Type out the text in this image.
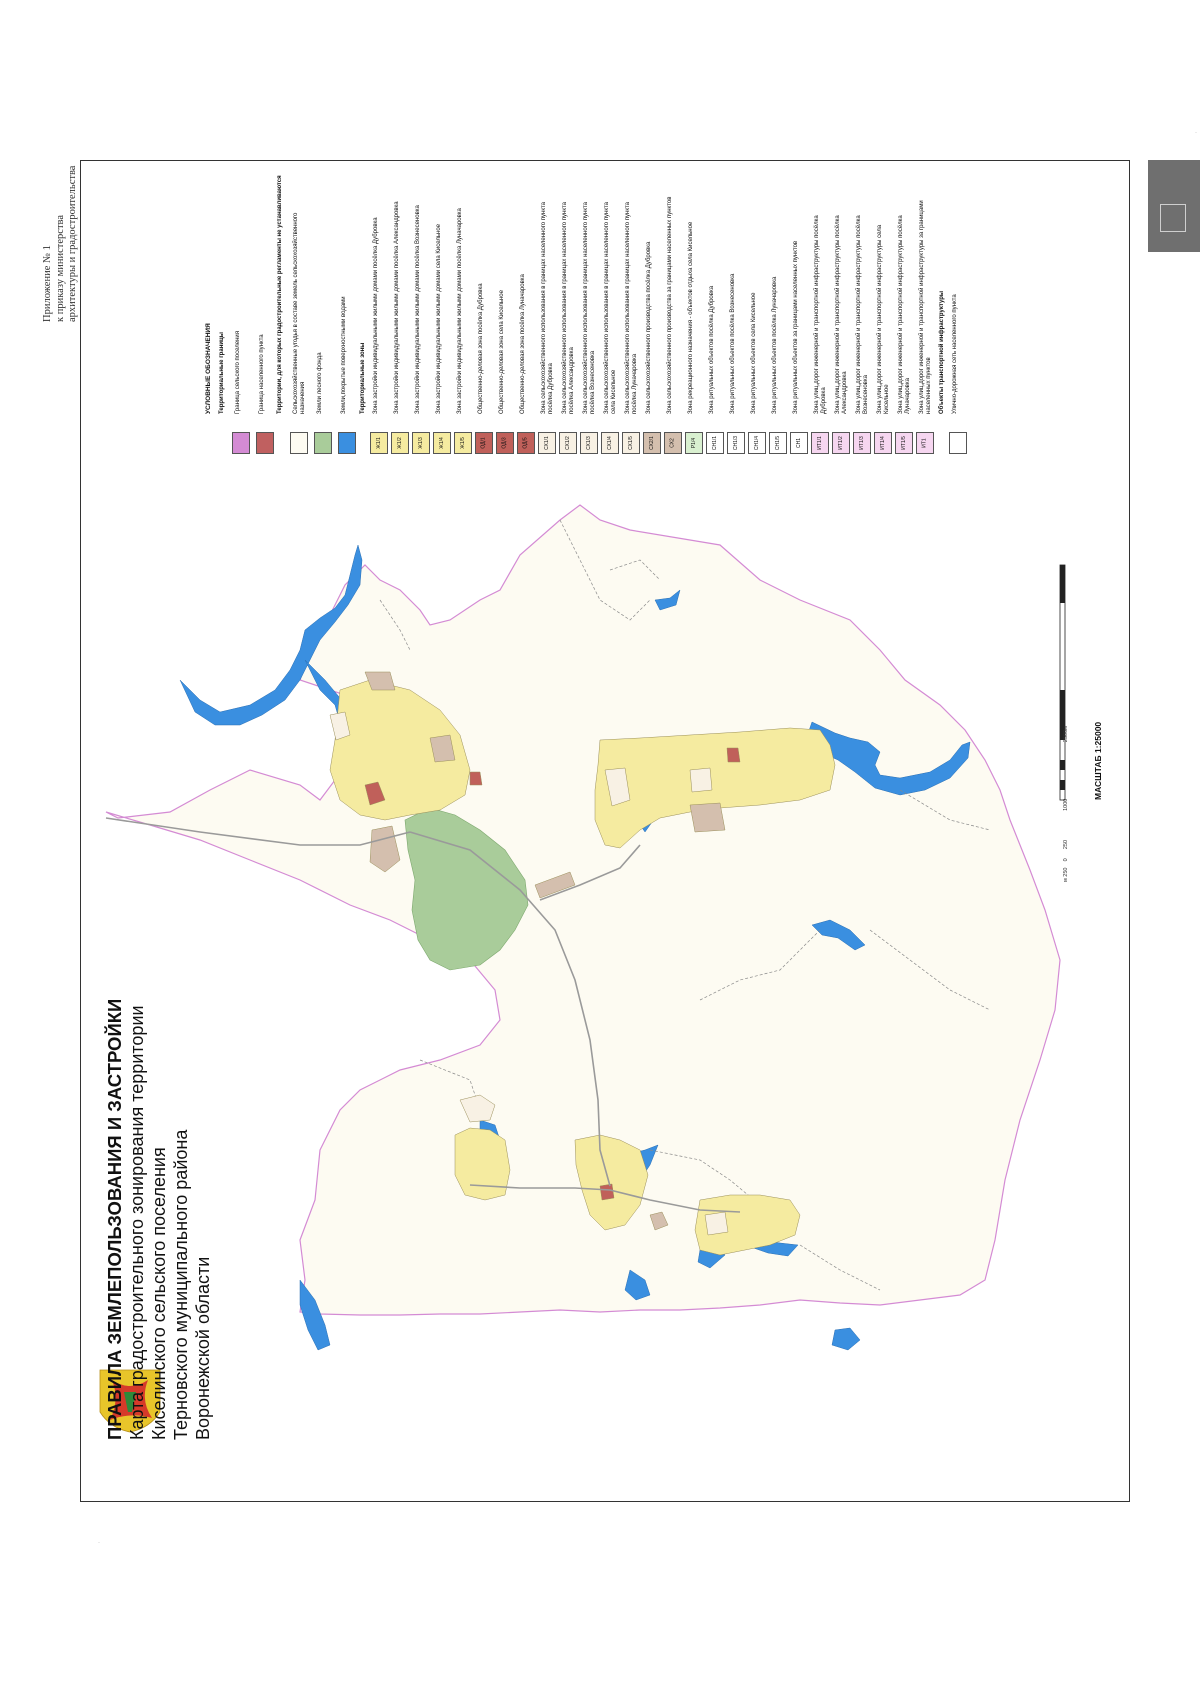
Приложение № 1 к приказу министерства архитектуры и градостроительства
·
·
ПРАВИЛА ЗЕМЛЕПОЛЬЗОВАНИЯ И ЗАСТРОЙКИ Карта градостроительного зонирования территории Киселинского сельского поселения Терновского муниципального района Воронежской области
МАСШТАБ 1:25000
м 250    0      250                   1000                                     2500м
УСЛОВНЫЕ ОБОЗНАЧЕНИЯ Территориальные границы Граница сельского поселения	Граница населенного пункта Территории, для которых градостроительные регламенты не устанавливаются Сельскохозяйственные угодья в составе земель сельскохозяйственного назначения Земли лесного фонда	Земли,покрытые поверхностными водами Территориальные зоны
Ж1/1
Зона застройки индивидуальными жилыми домами посёлка Дубровка
Ж1/2
Зона застройки индивидуальными жилыми домами посёлка Александровка
Ж1/3
Зона застройки индивидуальными жилыми домами посёлка Вознесеновка
Ж1/4
Зона застройки индивидуальными жилыми домами села Кисельное
Ж1/5
Зона застройки индивидуальными жилыми домами посёлка Луначаровка
ОД/1
Общественно-деловая зона посёлка Дубровка
ОД/3
Общественно-деловая зона села Кисельное
ОД/5
Общественно-деловая зона посёлка Луначаровка
СХ1/1
Зона сельскохозяйственного использования в границах населенного пункта посёлка Дубровка
СХ1/2
Зона сельскохозяйственного использования в границах населенного пункта посёлка Александровка
СХ1/3
Зона сельскохозяйственного использования в границах населенного пункта посёлка Вознесеновка
СХ1/4
Зона сельскохозяйственного использования в границах населенного пункта села Кисельное
СХ1/5
Зона сельскохозяйственного использования в границах населенного пункта посёлка Луначаровка
СХ2/1
Зона сельскохозяйственного производства посёлка Дубровка
СХ2
Зона сельскохозяйственного производства за границами населенных пунктов
Р1/4
Зона рекреационного назначения - объектов отдыха села Кисельное
СН1/1
Зона ритуальных объектов посёлка Дубровка
СН1/3
Зона ритуальных объектов посёлка Вознесеновка
СН1/4
Зона ритуальных объектов села Кисельное
СН1/5
Зона ритуальных объектов посёлка Луначаровка
СН1
Зона ритуальных объектов за границами населенных пунктов
ИТ1/1
Зона улиц,дорог инженерной и транспортной инфраструктуры посёлка Дубровка
ИТ1/2
Зона улиц,дорог инженерной и транспортной инфраструктуры посёлка Александровка
ИТ1/3
Зона улиц,дорог инженерной и транспортной инфраструктуры посёлка Вознесеновка
ИТ1/4
Зона улиц,дорог инженерной и транспортной инфраструктуры села Кисельное
ИТ1/5
Зона улиц,дорог инженерной и транспортной инфраструктуры посёлка Луначаровка
ИТ1
Зона улиц,дорог инженерной и транспортной инфраструктуры за границами населенных пунктов Объекты транспортной инфраструктуры Улично-дорожная сеть населенного пункта
